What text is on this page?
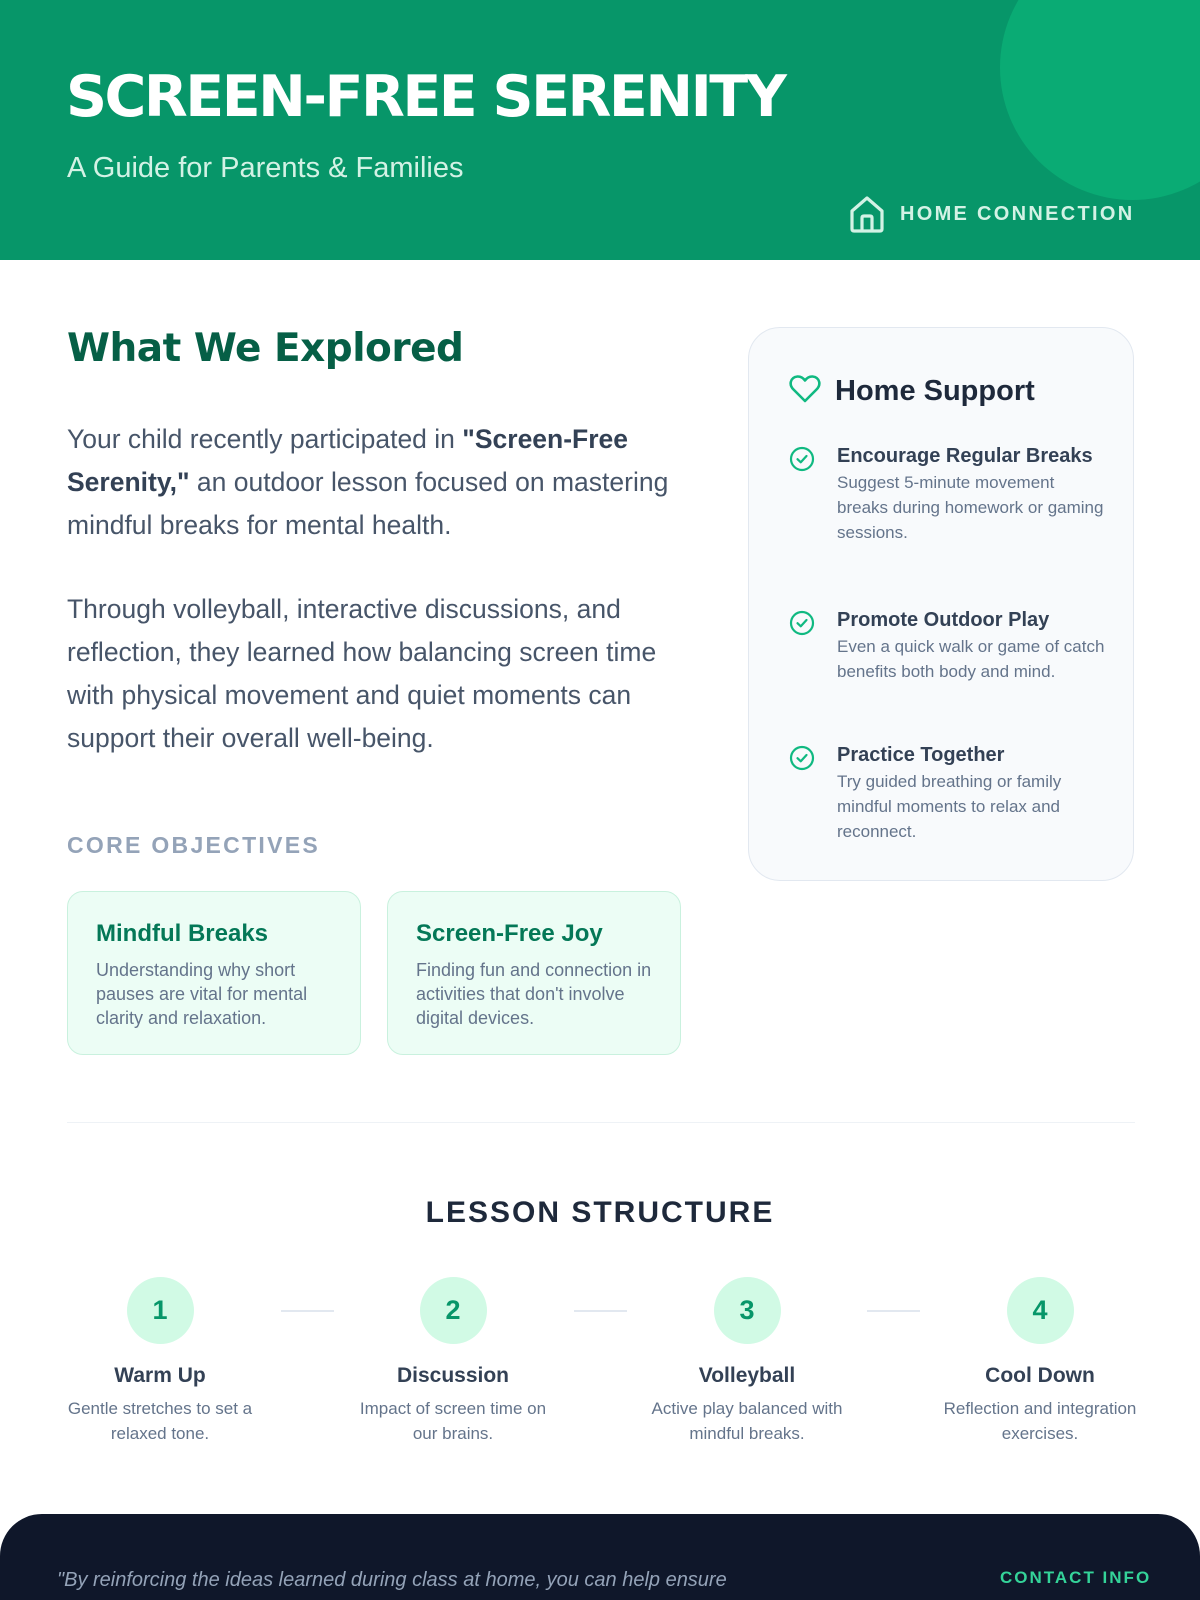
SCREEN-FREE SERENITY
A Guide for Parents & Families
HOME CONNECTION
What We Explored

Your child recently participated in "Screen-Free Serenity," an outdoor lesson focused on mastering mindful breaks for mental health.

Through volleyball, interactive discussions, and reflection, they learned how balancing screen time with physical movement and quiet moments can support their overall well-being.

CORE OBJECTIVES
Mindful Breaks
Understanding why short pauses are vital for mental clarity and relaxation.
Screen-Free Joy
Finding fun and connection in activities that don't involve digital devices.
Home Support
Encourage Regular Breaks
Suggest 5-minute movement breaks during homework or gaming sessions.
Promote Outdoor Play
Even a quick walk or game of catch benefits both body and mind.
Practice Together
Try guided breathing or family mindful moments to relax and reconnect.
LESSON STRUCTURE
1
Warm Up
Gentle stretches to set a relaxed tone.
2
Discussion
Impact of screen time on our brains.
3
Volleyball
Active play balanced with mindful breaks.
4
Cool Down
Reflection and integration exercises.
"By reinforcing the ideas learned during class at home, you can help ensure	CONTACT INFO
